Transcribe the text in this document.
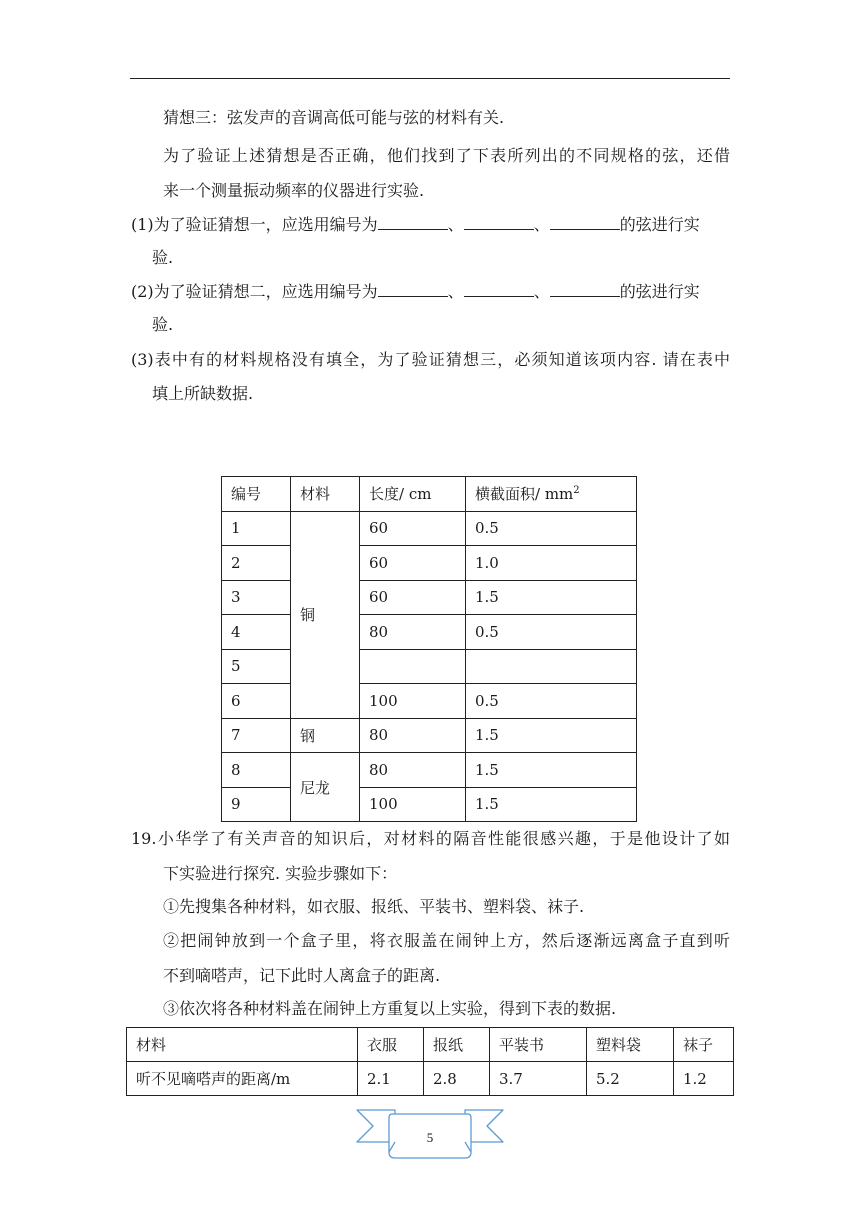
猜想三：弦发声的音调高低可能与弦的材料有关.
为了验证上述猜想是否正确，他们找到了下表所列出的不同规格的弦，还借
来一个测量振动频率的仪器进行实验.
(1)为了验证猜想一，应选用编号为	、	、	的弦进行实
验.
(2)为了验证猜想二，应选用编号为	、	、	的弦进行实
验.
(3)表中有的材料规格没有填全，为了验证猜想三，必须知道该项内容. 请在表中
填上所缺数据.
编号	材料	长度/ cm	横截面积/ $mm^2$
1	铜	60	0.5
2		60	1.0
3		60	1.5
4		80	0.5
5			
6		100	0.5
7	钢	80	1.5
8	尼龙	80	1.5
9		100	1.5
19.小华学了有关声音的知识后，对材料的隔音性能很感兴趣，于是他设计了如
下实验进行探究. 实验步骤如下：
①先搜集各种材料，如衣服、报纸、平装书、塑料袋、袜子.
②把闹钟放到一个盒子里，将衣服盖在闹钟上方，然后逐渐远离盒子直到听
不到嘀嗒声，记下此时人离盒子的距离.
③依次将各种材料盖在闹钟上方重复以上实验，得到下表的数据.
材料	衣服	报纸	平装书	塑料袋	袜子
听不见嘀嗒声的距离/m	2.1	2.8	3.7	5.2	1.2
5
